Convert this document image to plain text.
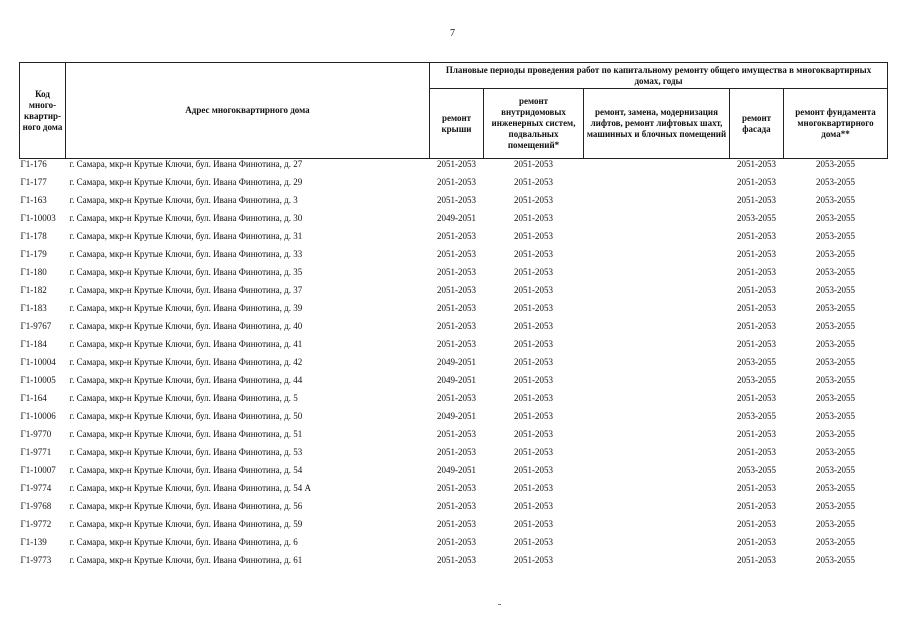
7
Код много-квартир-ного дома	Адрес многоквартирного дома	Плановые периоды проведения работ по капитальному ремонту общего имущества в многоквартирных домах, годы				
		ремонт крыши	ремонт внутридомовых инженерных систем, подвальных помещений*	ремонт, замена, модернизация лифтов, ремонт лифтовых шахт, машинных и блочных помещений	ремонт фасада	ремонт фундамента многоквартирного дома**
Г1-176	г. Самара, мкр-н Крутые Ключи, бул. Ивана Финютина, д. 27	2051-2053	2051-2053		2051-2053	2053-2055
Г1-177	г. Самара, мкр-н Крутые Ключи, бул. Ивана Финютина, д. 29	2051-2053	2051-2053		2051-2053	2053-2055
Г1-163	г. Самара, мкр-н Крутые Ключи, бул. Ивана Финютина, д. 3	2051-2053	2051-2053		2051-2053	2053-2055
Г1-10003	г. Самара, мкр-н Крутые Ключи, бул. Ивана Финютина, д. 30	2049-2051	2051-2053		2053-2055	2053-2055
Г1-178	г. Самара, мкр-н Крутые Ключи, бул. Ивана Финютина, д. 31	2051-2053	2051-2053		2051-2053	2053-2055
Г1-179	г. Самара, мкр-н Крутые Ключи, бул. Ивана Финютина, д. 33	2051-2053	2051-2053		2051-2053	2053-2055
Г1-180	г. Самара, мкр-н Крутые Ключи, бул. Ивана Финютина, д. 35	2051-2053	2051-2053		2051-2053	2053-2055
Г1-182	г. Самара, мкр-н Крутые Ключи, бул. Ивана Финютина, д. 37	2051-2053	2051-2053		2051-2053	2053-2055
Г1-183	г. Самара, мкр-н Крутые Ключи, бул. Ивана Финютина, д. 39	2051-2053	2051-2053		2051-2053	2053-2055
Г1-9767	г. Самара, мкр-н Крутые Ключи, бул. Ивана Финютина, д. 40	2051-2053	2051-2053		2051-2053	2053-2055
Г1-184	г. Самара, мкр-н Крутые Ключи, бул. Ивана Финютина, д. 41	2051-2053	2051-2053		2051-2053	2053-2055
Г1-10004	г. Самара, мкр-н Крутые Ключи, бул. Ивана Финютина, д. 42	2049-2051	2051-2053		2053-2055	2053-2055
Г1-10005	г. Самара, мкр-н Крутые Ключи, бул. Ивана Финютина, д. 44	2049-2051	2051-2053		2053-2055	2053-2055
Г1-164	г. Самара, мкр-н Крутые Ключи, бул. Ивана Финютина, д. 5	2051-2053	2051-2053		2051-2053	2053-2055
Г1-10006	г. Самара, мкр-н Крутые Ключи, бул. Ивана Финютина, д. 50	2049-2051	2051-2053		2053-2055	2053-2055
Г1-9770	г. Самара, мкр-н Крутые Ключи, бул. Ивана Финютина, д. 51	2051-2053	2051-2053		2051-2053	2053-2055
Г1-9771	г. Самара, мкр-н Крутые Ключи, бул. Ивана Финютина, д. 53	2051-2053	2051-2053		2051-2053	2053-2055
Г1-10007	г. Самара, мкр-н Крутые Ключи, бул. Ивана Финютина, д. 54	2049-2051	2051-2053		2053-2055	2053-2055
Г1-9774	г. Самара, мкр-н Крутые Ключи, бул. Ивана Финютина, д. 54 А	2051-2053	2051-2053		2051-2053	2053-2055
Г1-9768	г. Самара, мкр-н Крутые Ключи, бул. Ивана Финютина, д. 56	2051-2053	2051-2053		2051-2053	2053-2055
Г1-9772	г. Самара, мкр-н Крутые Ключи, бул. Ивана Финютина, д. 59	2051-2053	2051-2053		2051-2053	2053-2055
Г1-139	г. Самара, мкр-н Крутые Ключи, бул. Ивана Финютина, д. 6	2051-2053	2051-2053		2051-2053	2053-2055
Г1-9773	г. Самара, мкр-н Крутые Ключи, бул. Ивана Финютина, д. 61	2051-2053	2051-2053		2051-2053	2053-2055
